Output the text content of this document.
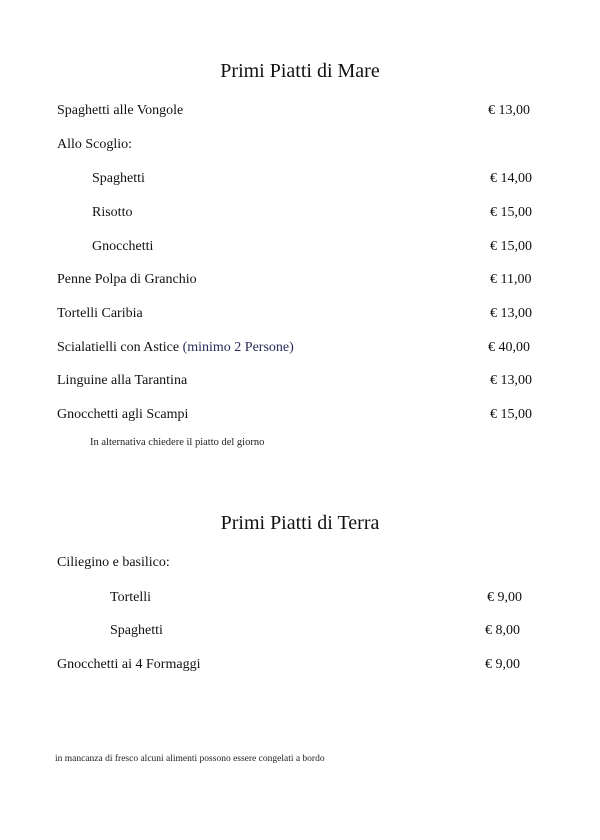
Primi Piatti di Mare
Spaghetti alle Vongole	€ 13,00
Allo Scoglio:
Spaghetti	€ 14,00
Risotto	€ 15,00
Gnocchetti	€ 15,00
Penne Polpa di Granchio	€ 11,00
Tortelli Caribia	€ 13,00
Scialatielli con Astice (minimo 2 Persone)	€ 40,00
Linguine alla Tarantina	€ 13,00
Gnocchetti agli Scampi	€ 15,00
In alternativa chiedere il piatto del giorno
Primi Piatti di Terra
Ciliegino e basilico:
Tortelli	€ 9,00
Spaghetti	€ 8,00
Gnocchetti ai 4 Formaggi	€ 9,00
in mancanza di fresco alcuni alimenti possono essere congelati a bordo
